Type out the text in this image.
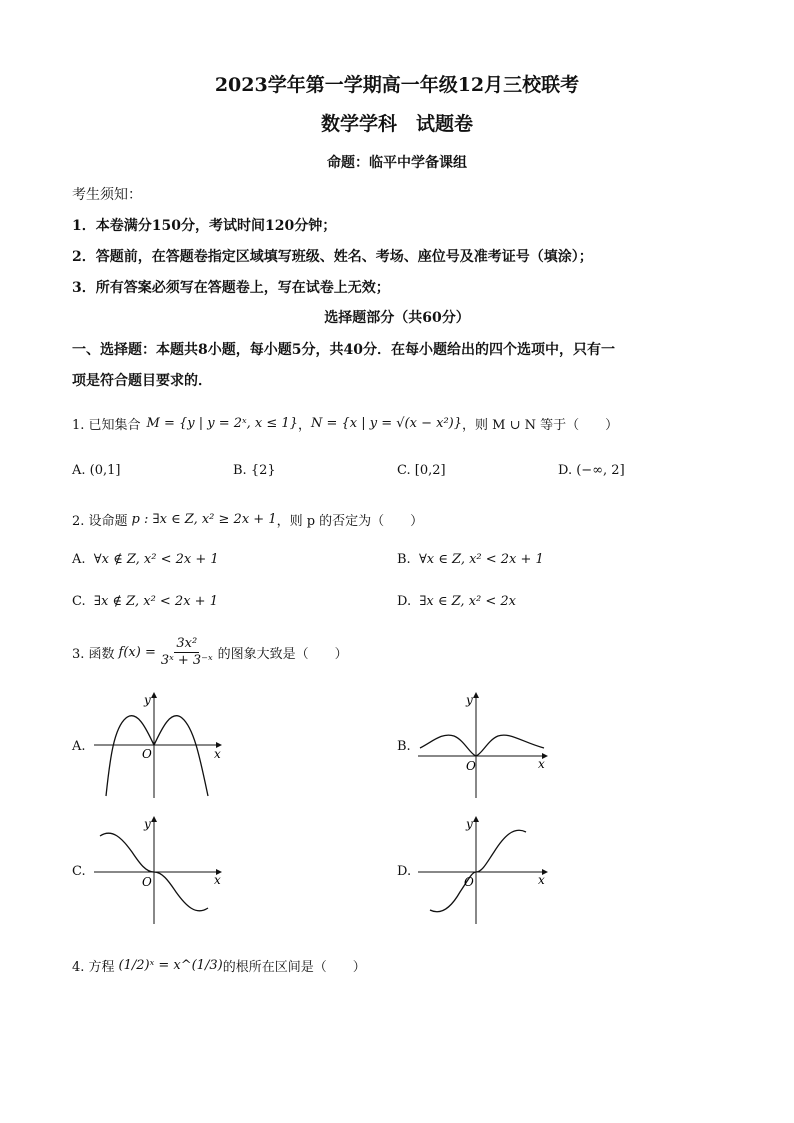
2023学年第一学期高一年级12月三校联考
数学学科　试题卷
命题：临平中学备课组
考生须知：
1．本卷满分150分，考试时间120分钟；
2．答题前，在答题卷指定区域填写班级、姓名、考场、座位号及准考证号（填涂）；
3．所有答案必须写在答题卷上，写在试卷上无效；
选择题部分（共60分）
一、选择题：本题共8小题，每小题5分，共40分．在每小题给出的四个选项中，只有一
项是符合题目要求的．
1. 已知集合 M = {y | y = 2ˣ, x ≤ 1} ， N = {x | y = √(x − x²)} ，则 M ∪ N 等于（　　）
A. (0,1]	B. {2}	C. [0,2]	D. (−∞, 2]
2. 设命题 p : ∃x ∈ Z, x² ≥ 2x + 1 ，则 p 的否定为（　　）
A. ∀x ∉ Z, x² < 2x + 1	B. ∀x ∈ Z, x² < 2x + 1
C. ∃x ∉ Z, x² < 2x + 1	D. ∃x ∈ Z, x² < 2x
3. 函数 $f(x) = \frac{\text{3x²}}{\text{3ˣ + 3⁻ˣ}}$ 的图象大致是（　　）
A.	O
y
x	B.
O
y
x
C.
O
y
x
D.
O
y
x
4. 方程 (1/2)ˣ = x^(1/3) 的根所在区间是（　　）
